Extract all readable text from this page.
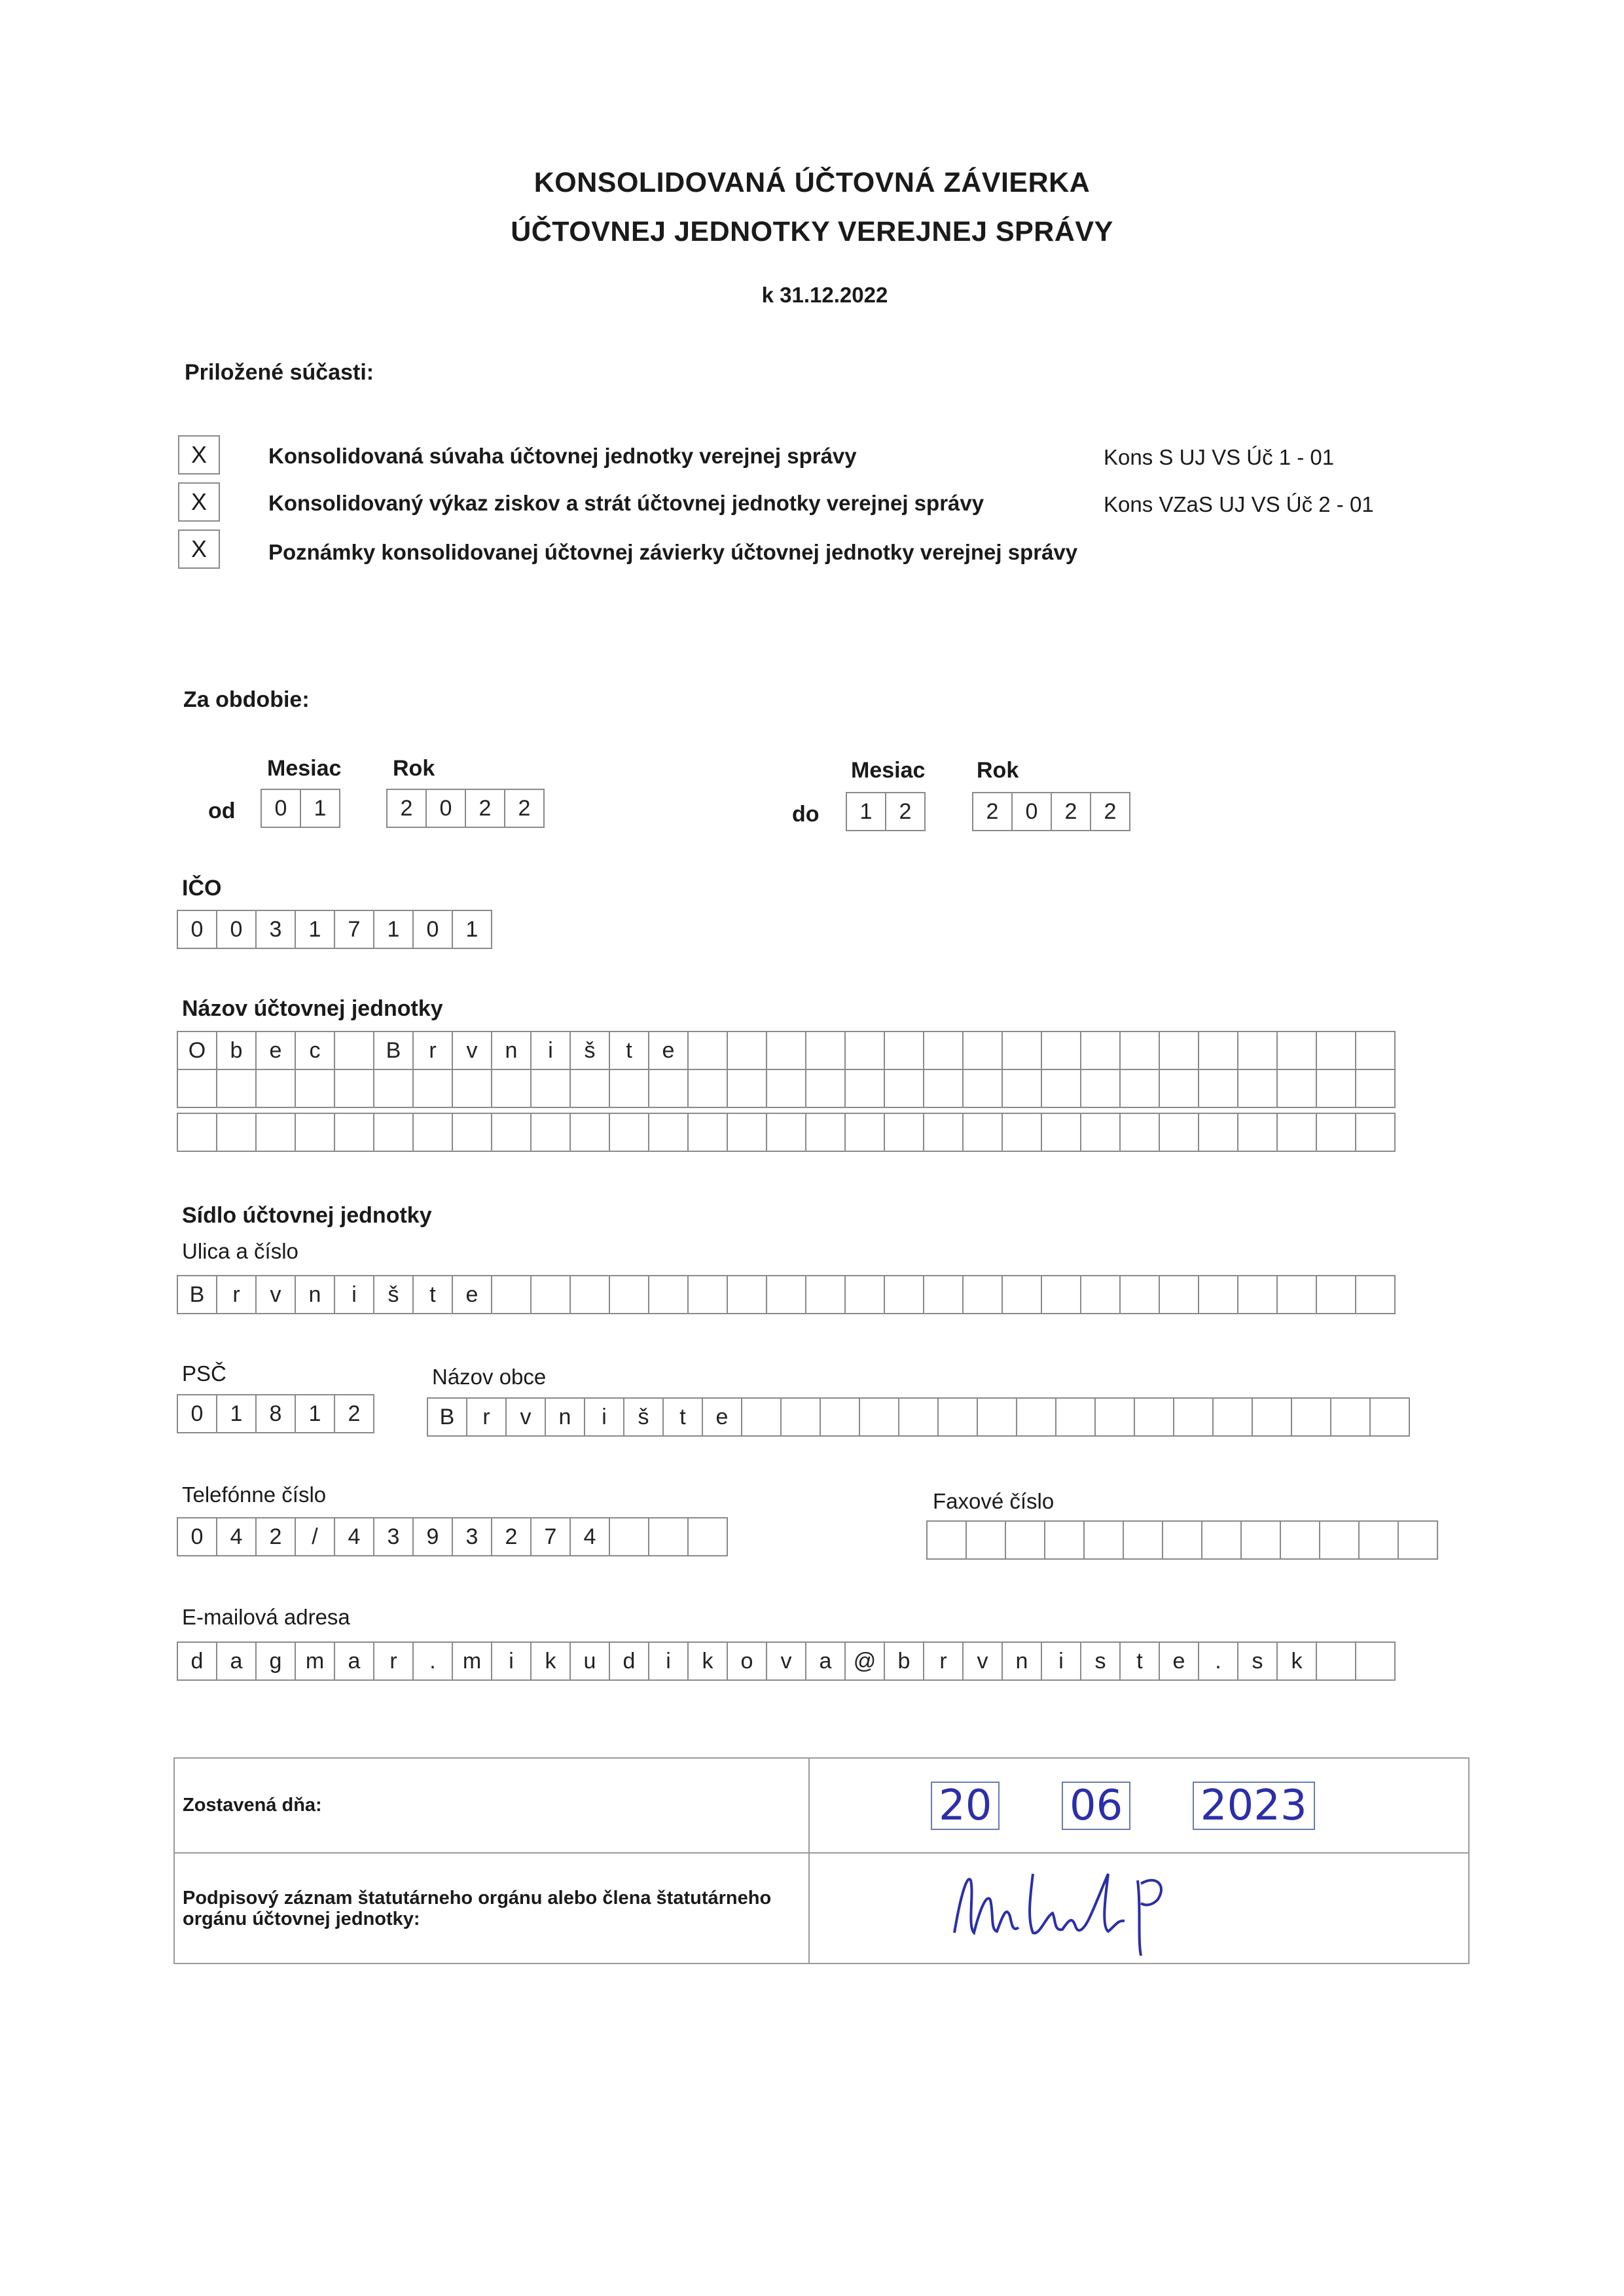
KONSOLIDOVANÁ ÚČTOVNÁ ZÁVIERKA
ÚČTOVNEJ JEDNOTKY VEREJNEJ SPRÁVY
k 31.12.2022
Priložené súčasti:
X	Konsolidovaná súvaha účtovnej jednotky verejnej správy	Kons S UJ VS Úč 1 - 01
X	Konsolidovaný výkaz ziskov a strát účtovnej jednotky verejnej správy	Kons VZaS UJ VS Úč 2 - 01
X	Poznámky konsolidovanej účtovnej závierky účtovnej jednotky verejnej správy
Za obdobie:
Mesiac Rok
od	0	1	2	0	2	2
Mesiac Rok
do	1	2	2	0	2	2
IČO
0	0	3	1	7	1	0	1
Názov účtovnej jednotky
O	b	e	c	B	r	v	n	i	š	t	e
Sídlo účtovnej jednotky
Ulica a číslo
B	r	v	n	i	š	t	e
PSČ
0	1	8	1	2
Názov obce
B	r	v	n	i	š	t	e
Telefónne číslo
0	4	2	/	4	3	9	3	2	7	4
Faxové číslo
E-mailová adresa
d	a	g	m	a	r	.	m	i	k	u	d	i	k	o	v	a @ b	r	v	n	i	s	t	e	.	s	k
Zostavená dňa:	20 06 2023

Podpisový záznam štatutárneho orgánu alebo člena štatutárneho orgánu účtovnej jednotky:
